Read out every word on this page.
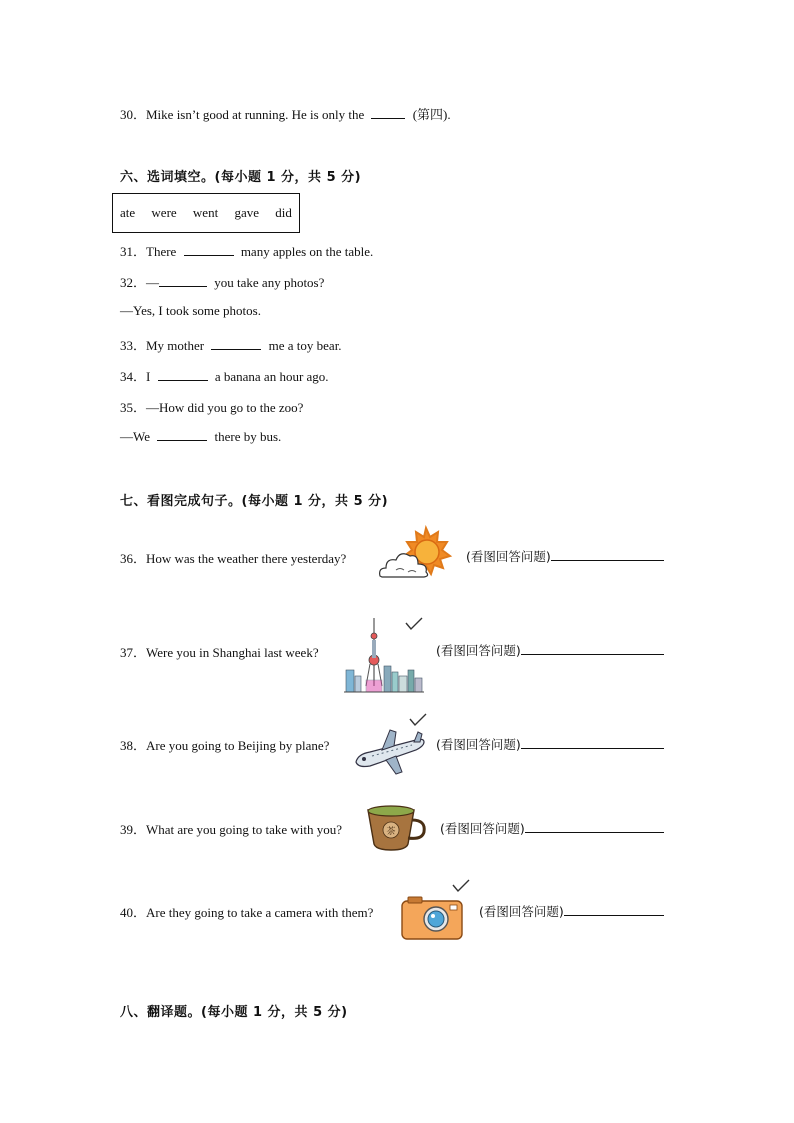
30．Mike isn’t good at running. He is only the	(第四).
六、选词填空。(每小题 1 分，共 5 分)
ate were went gave did
31．There	many apples on the table.
32．—	you take any photos?
—Yes, I took some photos.
33．My mother	me a toy bear.
34．I	a banana an hour ago.
35．—How did you go to the zoo?
—We	there by bus.
七、看图完成句子。(每小题 1 分，共 5 分)
36．How was the weather there yesterday?	(看图回答问题)
37．Were you in Shanghai last week?	(看图回答问题)
38．Are you going to Beijing by plane?	(看图回答问题)
39．What are you going to take with you?	茶	(看图回答问题)
40．Are they going to take a camera with them?	(看图回答问题)
八、翻译题。(每小题 1 分，共 5 分)
